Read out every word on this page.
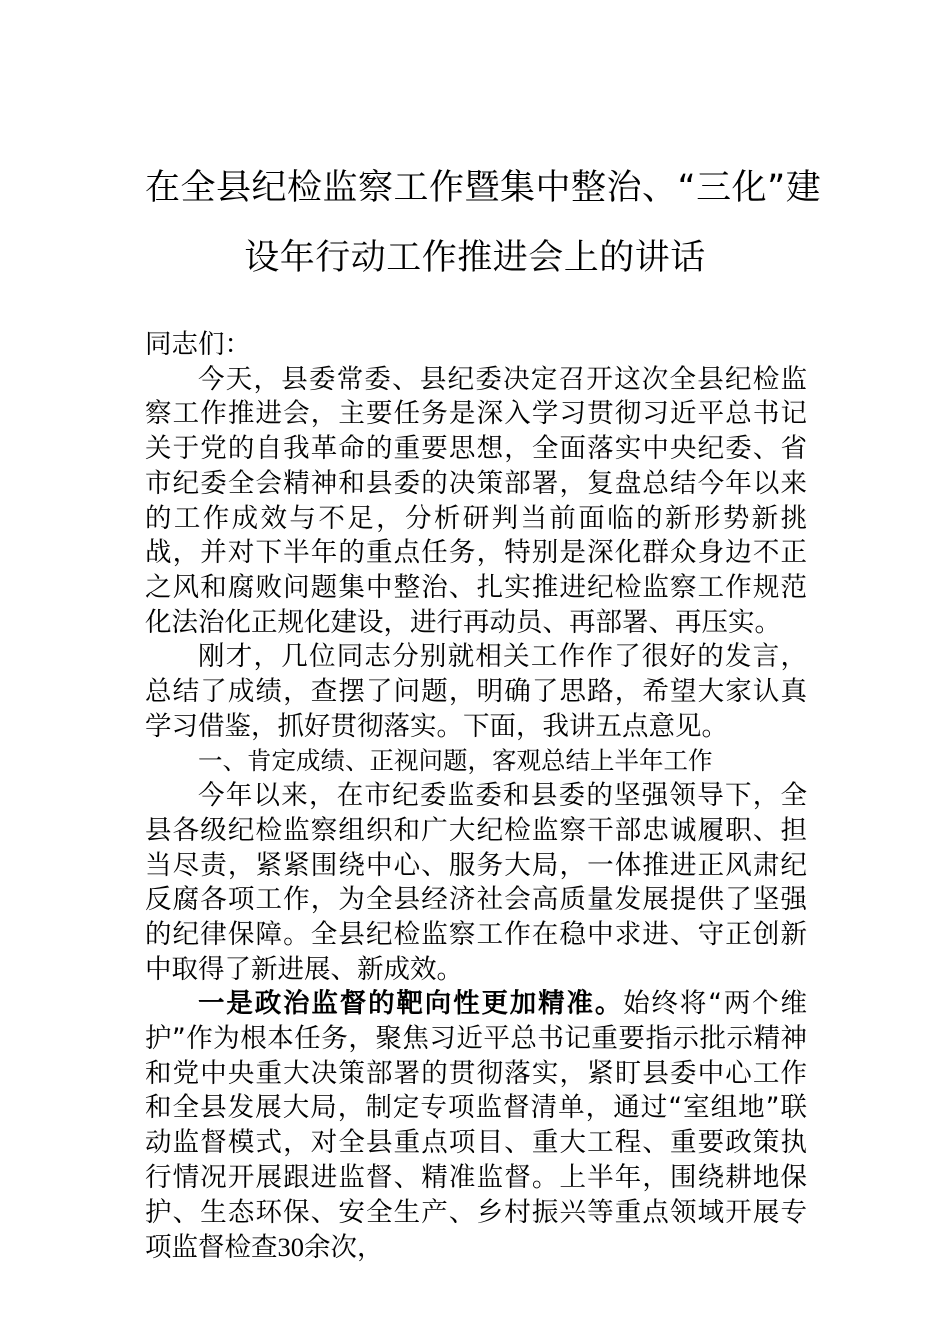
在全县纪检监察工作暨集中整治、“三化”建
设年行动工作推进会上的讲话

同志们：

今天，县委常委、县纪委决定召开这次全县纪检监察工作推进会，主要任务是深入学习贯彻习近平总书记关于党的自我革命的重要思想，全面落实中央纪委、省市纪委全会精神和县委的决策部署，复盘总结今年以来的工作成效与不足，分析研判当前面临的新形势新挑战，并对下半年的重点任务，特别是深化群众身边不正之风和腐败问题集中整治、扎实推进纪检监察工作规范化法治化正规化建设，进行再动员、再部署、再压实。

刚才，几位同志分别就相关工作作了很好的发言，总结了成绩，查摆了问题，明确了思路，希望大家认真学习借鉴，抓好贯彻落实。下面，我讲五点意见。

一、肯定成绩、正视问题，客观总结上半年工作

今年以来，在市纪委监委和县委的坚强领导下，全县各级纪检监察组织和广大纪检监察干部忠诚履职、担当尽责，紧紧围绕中心、服务大局，一体推进正风肃纪反腐各项工作，为全县经济社会高质量发展提供了坚强的纪律保障。全县纪检监察工作在稳中求进、守正创新中取得了新进展、新成效。

一是政治监督的靶向性更加精准。始终将“两个维护”作为根本任务，聚焦习近平总书记重要指示批示精神和党中央重大决策部署的贯彻落实，紧盯县委中心工作和全县发展大局，制定专项监督清单，通过“室组地”联动监督模式，对全县重点项目、重大工程、重要政策执行情况开展跟进监督、精准监督。上半年，围绕耕地保护、生态环保、安全生产、乡村振兴等重点领域开展专项监督检查30余次，
